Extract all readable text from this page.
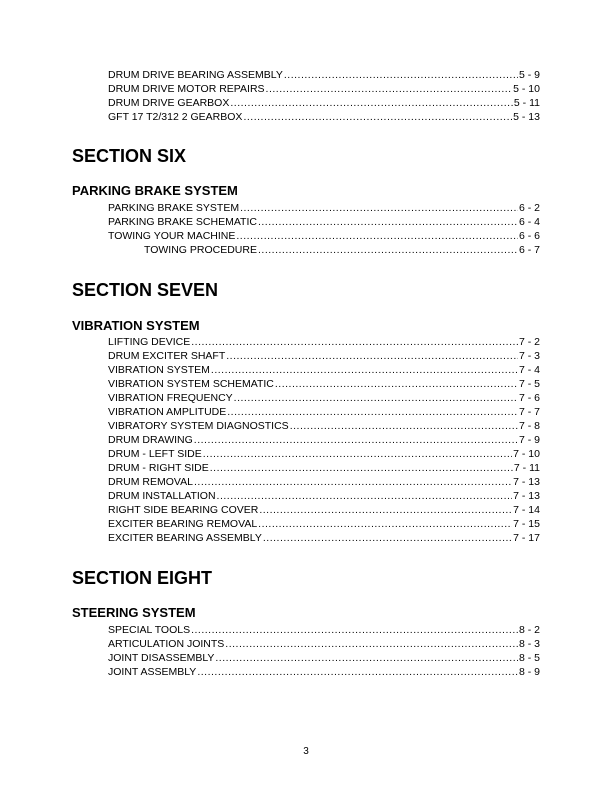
DRUM DRIVE BEARING ASSEMBLY .....	5 - 9
DRUM DRIVE MOTOR REPAIRS .....	5 - 10
DRUM DRIVE GEARBOX .....	5 - 11
GFT 17 T2/312 2 GEARBOX .....	5 - 13
SECTION SIX
PARKING BRAKE SYSTEM
PARKING BRAKE SYSTEM .....	6 - 2
PARKING BRAKE SCHEMATIC .....	6 - 4
TOWING YOUR MACHINE .....	6 - 6
TOWING PROCEDURE .....	6 - 7
SECTION SEVEN
VIBRATION SYSTEM
LIFTING DEVICE .....	7 - 2
DRUM EXCITER SHAFT .....	7 - 3
VIBRATION SYSTEM .....	7 - 4
VIBRATION SYSTEM SCHEMATIC .....	7 - 5
VIBRATION FREQUENCY .....	7 - 6
VIBRATION AMPLITUDE .....	7 - 7
VIBRATORY SYSTEM DIAGNOSTICS .....	7 - 8
DRUM DRAWING .....	7 - 9
DRUM - LEFT SIDE .....	7 - 10
DRUM - RIGHT SIDE .....	7 - 11
DRUM REMOVAL .....	7 - 13
DRUM INSTALLATION .....	7 - 13
RIGHT SIDE BEARING COVER .....	7 - 14
EXCITER BEARING REMOVAL .....	7 - 15
EXCITER BEARING ASSEMBLY .....	7 - 17
SECTION EIGHT
STEERING SYSTEM
SPECIAL TOOLS .....	8 - 2
ARTICULATION JOINTS .....	8 - 3
JOINT DISASSEMBLY .....	8 - 5
JOINT ASSEMBLY .....	8 - 9
3
